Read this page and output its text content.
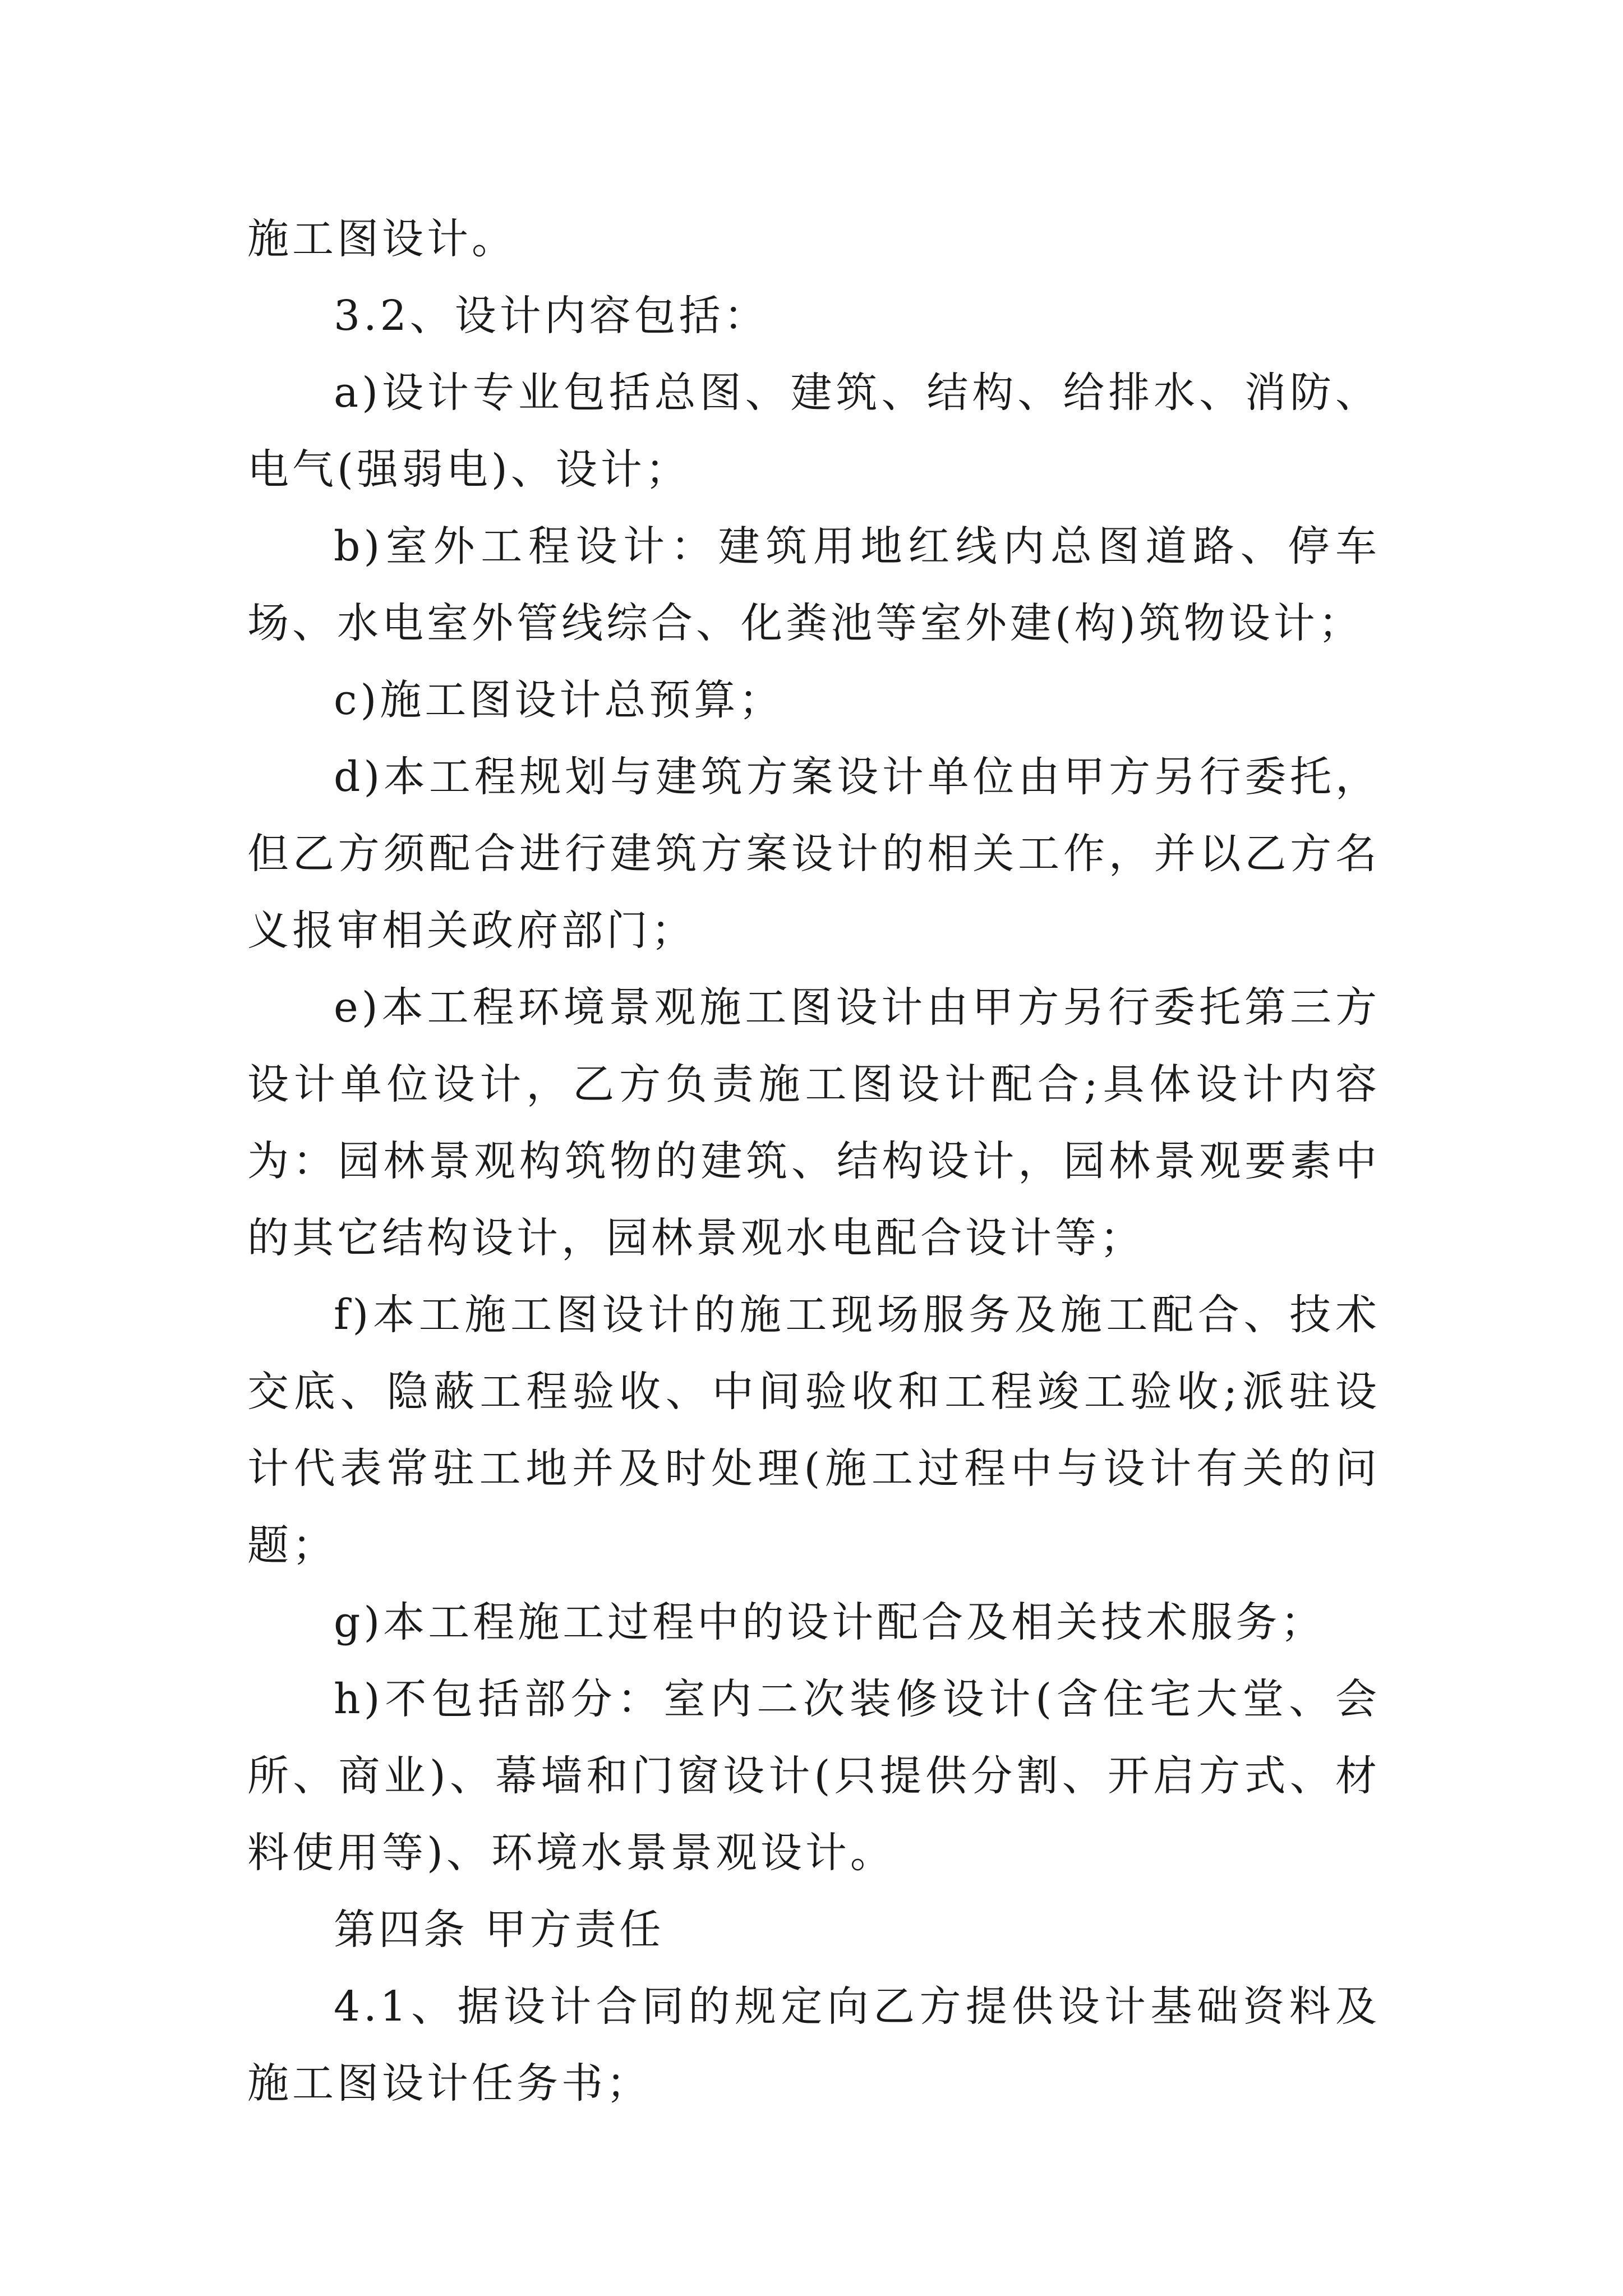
施工图设计。

3.2、设计内容包括：

a)设计专业包括总图、建筑、结构、给排水、消防、电气(强弱电)、设计；

b)室外工程设计：建筑用地红线内总图道路、停车场、水电室外管线综合、化粪池等室外建(构)筑物设计；

c)施工图设计总预算；

d)本工程规划与建筑方案设计单位由甲方另行委托，但乙方须配合进行建筑方案设计的相关工作，并以乙方名义报审相关政府部门；

e)本工程环境景观施工图设计由甲方另行委托第三方设计单位设计，乙方负责施工图设计配合;具体设计内容为：园林景观构筑物的建筑、结构设计，园林景观要素中的其它结构设计，园林景观水电配合设计等；

f)本工施工图设计的施工现场服务及施工配合、技术交底、隐蔽工程验收、中间验收和工程竣工验收;派驻设计代表常驻工地并及时处理(施工过程中与设计有关的问题；

g)本工程施工过程中的设计配合及相关技术服务；

h)不包括部分：室内二次装修设计(含住宅大堂、会所、商业)、幕墙和门窗设计(只提供分割、开启方式、材料使用等)、环境水景景观设计。

第四条 甲方责任

4.1、据设计合同的规定向乙方提供设计基础资料及施工图设计任务书；
